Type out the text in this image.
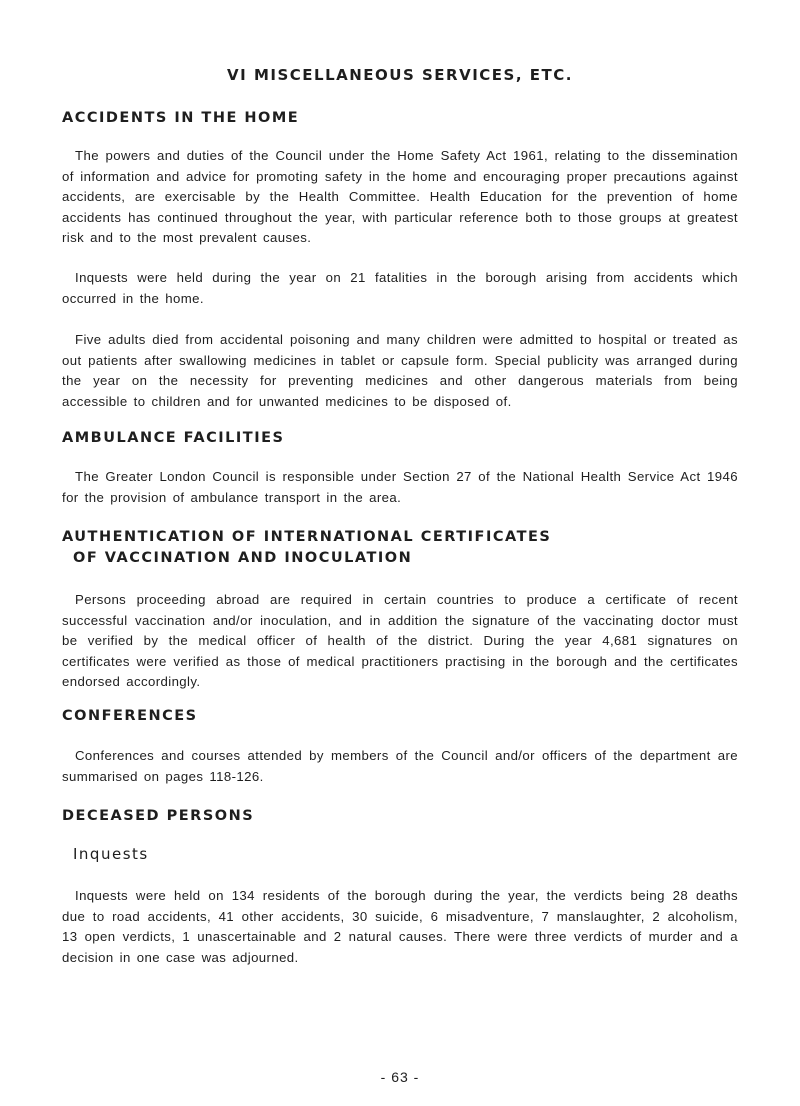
VI MISCELLANEOUS SERVICES, ETC.
ACCIDENTS IN THE HOME

The powers and duties of the Council under the Home Safety Act 1961, relating to the dissemination of information and advice for promoting safety in the home and encouraging proper precautions against accidents, are exercisable by the Health Committee. Health Education for the prevention of home accidents has continued throughout the year, with particular reference both to those groups at greatest risk and to the most prevalent causes.

Inquests were held during the year on 21 fatalities in the borough arising from accidents which occurred in the home.

Five adults died from accidental poisoning and many children were admitted to hospital or treated as out patients after swallowing medicines in tablet or capsule form. Special publicity was arranged during the year on the necessity for preventing medicines and other dangerous materials from being accessible to children and for unwanted medicines to be disposed of.

AMBULANCE FACILITIES

The Greater London Council is responsible under Section 27 of the National Health Service Act 1946 for the provision of ambulance transport in the area.

AUTHENTICATION OF INTERNATIONAL CERTIFICATES
OF VACCINATION AND INOCULATION

Persons proceeding abroad are required in certain countries to produce a certificate of recent successful vaccination and/or inoculation, and in addition the signature of the vaccinating doctor must be verified by the medical officer of health of the district. During the year 4,681 signatures on certificates were verified as those of medical practitioners practising in the borough and the certificates endorsed accordingly.

CONFERENCES

Conferences and courses attended by members of the Council and/or officers of the department are summarised on pages 118-126.

DECEASED PERSONS
Inquests

Inquests were held on 134 residents of the borough during the year, the verdicts being 28 deaths due to road accidents, 41 other accidents, 30 suicide, 6 misadventure, 7 manslaughter, 2 alcoholism, 13 open verdicts, 1 unascertainable and 2 natural causes. There were three verdicts of murder and a decision in one case was adjourned.

- 63 -
